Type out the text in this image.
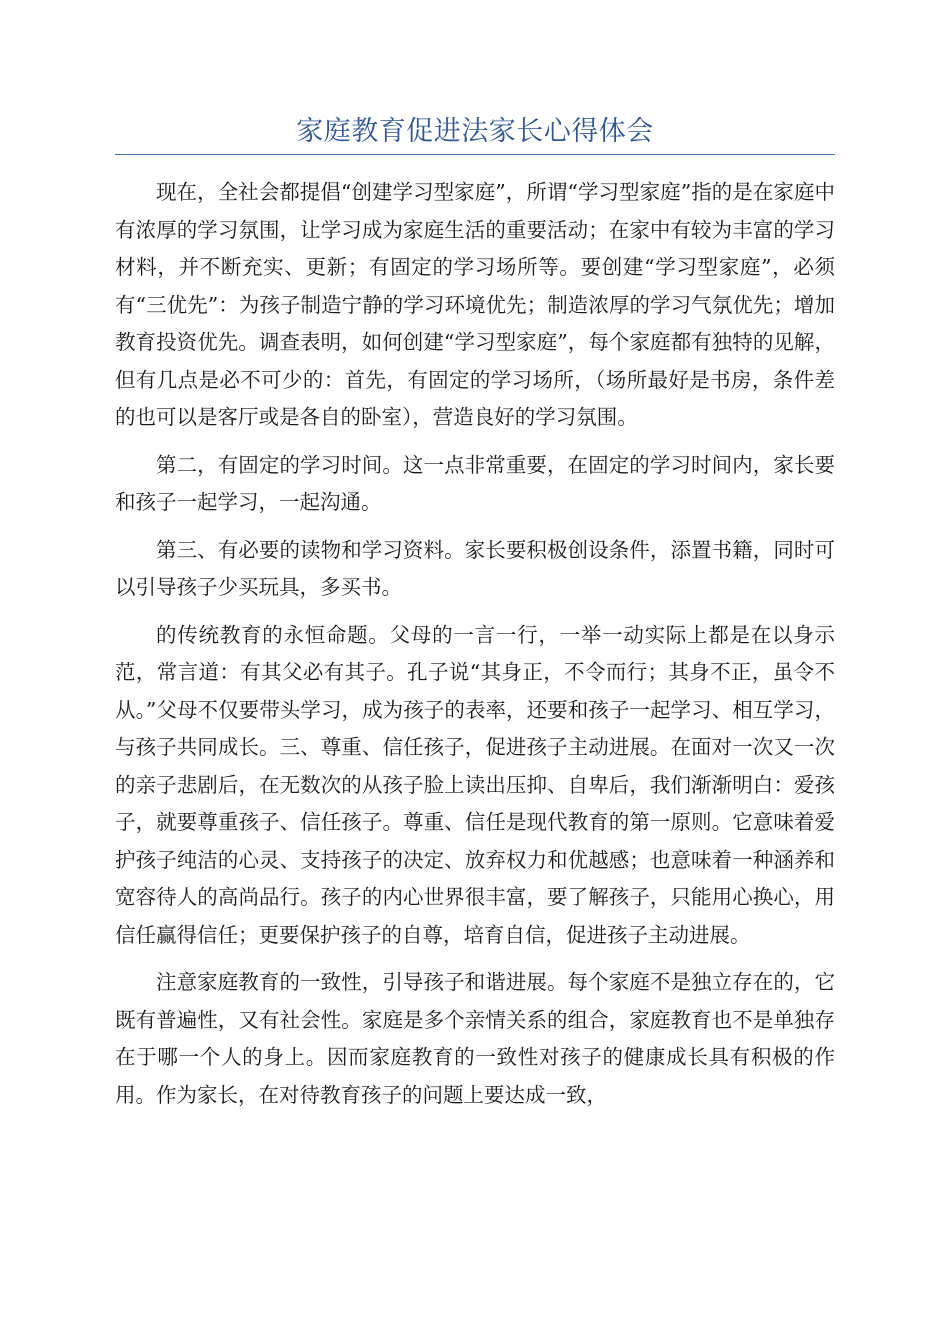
家庭教育促进法家长心得体会

现在，全社会都提倡“创建学习型家庭”，所谓“学习型家庭”指的是在家庭中有浓厚的学习氛围，让学习成为家庭生活的重要活动；在家中有较为丰富的学习材料，并不断充实、更新；有固定的学习场所等。要创建“学习型家庭”，必须有“三优先”：为孩子制造宁静的学习环境优先；制造浓厚的学习气氛优先；增加教育投资优先。调查表明，如何创建“学习型家庭”，每个家庭都有独特的见解，但有几点是必不可少的：首先，有固定的学习场所，（场所最好是书房，条件差的也可以是客厅或是各自的卧室），营造良好的学习氛围。

第二，有固定的学习时间。这一点非常重要，在固定的学习时间内，家长要和孩子一起学习，一起沟通。

第三、有必要的读物和学习资料。家长要积极创设条件，添置书籍，同时可以引导孩子少买玩具，多买书。

的传统教育的永恒命题。父母的一言一行，一举一动实际上都是在以身示范，常言道：有其父必有其子。孔子说“其身正，不令而行；其身不正，虽令不从。”父母不仅要带头学习，成为孩子的表率，还要和孩子一起学习、相互学习，与孩子共同成长。三、尊重、信任孩子，促进孩子主动进展。在面对一次又一次的亲子悲剧后，在无数次的从孩子脸上读出压抑、自卑后，我们渐渐明白：爱孩子，就要尊重孩子、信任孩子。尊重、信任是现代教育的第一原则。它意味着爱护孩子纯洁的心灵、支持孩子的决定、放弃权力和优越感；也意味着一种涵养和宽容待人的高尚品行。孩子的内心世界很丰富，要了解孩子，只能用心换心，用信任赢得信任；更要保护孩子的自尊，培育自信，促进孩子主动进展。

注意家庭教育的一致性，引导孩子和谐进展。每个家庭不是独立存在的，它既有普遍性，又有社会性。家庭是多个亲情关系的组合，家庭教育也不是单独存在于哪一个人的身上。因而家庭教育的一致性对孩子的健康成长具有积极的作用。作为家长，在对待教育孩子的问题上要达成一致，
